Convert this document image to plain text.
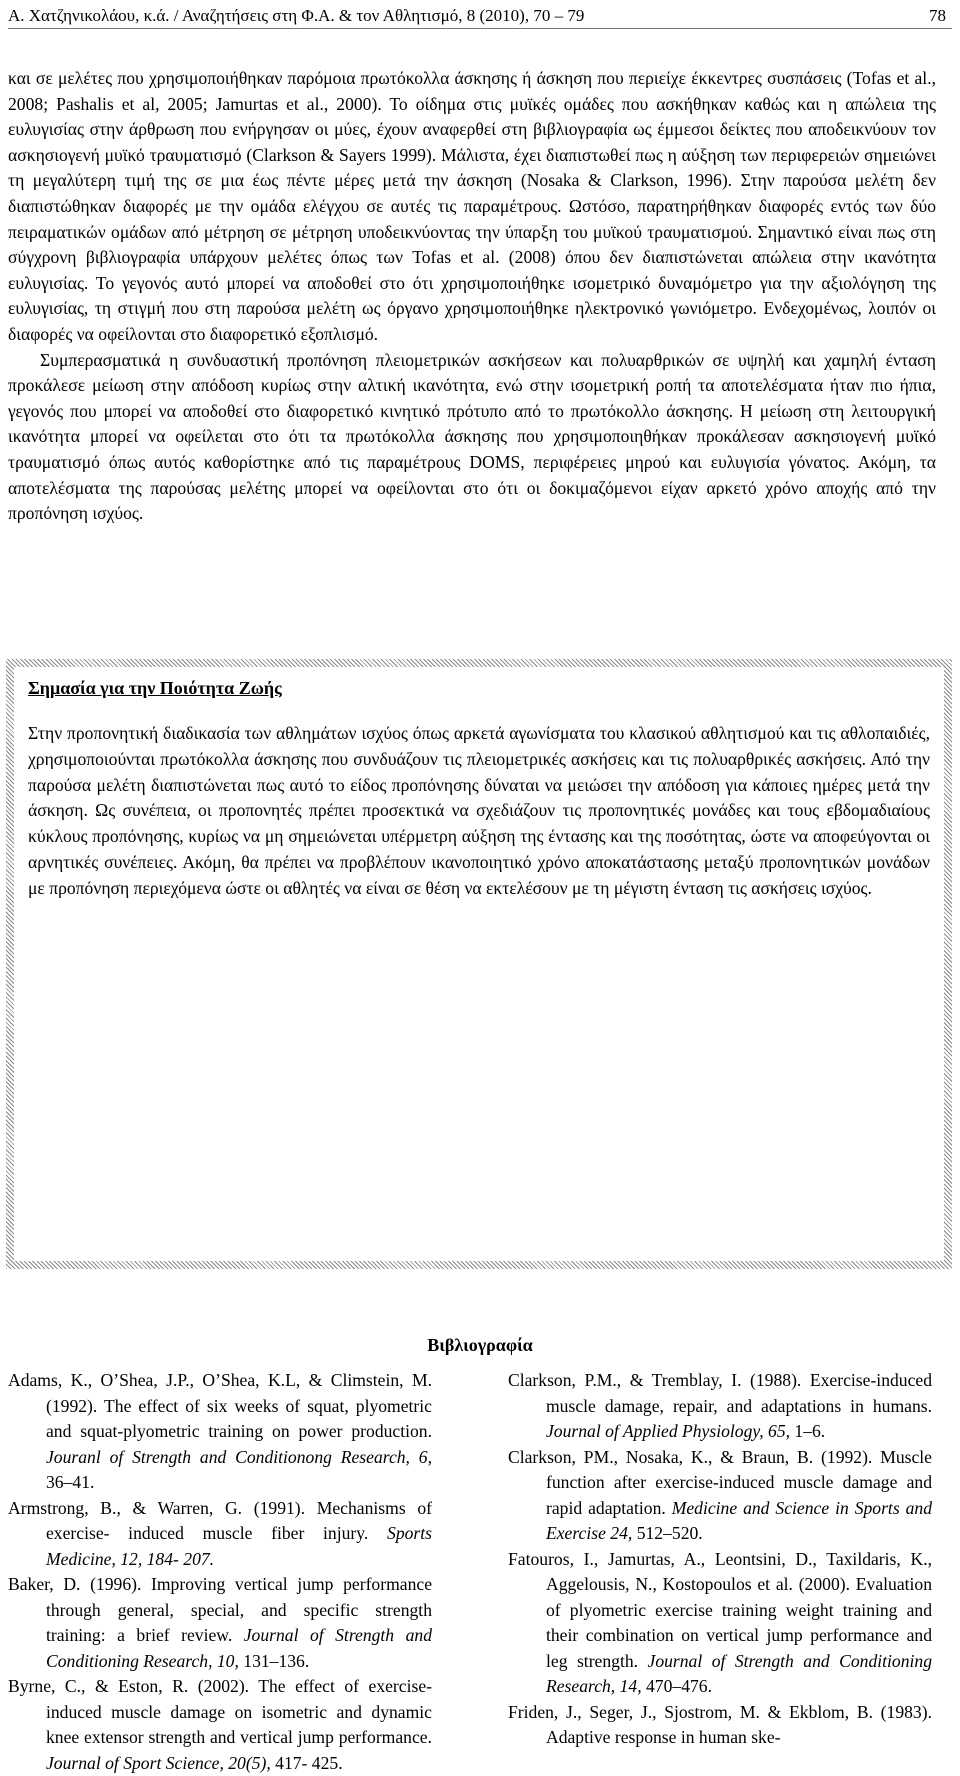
Α. Χατζηνικολάου, κ.ά. / Αναζητήσεις στη Φ.Α. & τον Αθλητισμό, 8 (2010), 70 – 79	78

και σε μελέτες που χρησιμοποιήθηκαν παρόμοια πρωτόκολλα άσκησης ή άσκηση που περιείχε έκκεντρες συσπάσεις (Tofas et al., 2008; Pashalis et al, 2005; Jamurtas et al., 2000). Το οίδημα στις μυϊκές ομάδες που ασκήθηκαν καθώς και η απώλεια της ευλυγισίας στην άρθρωση που ενήργησαν οι μύες, έχουν αναφερθεί στη βιβλιογραφία ως έμμεσοι δείκτες που αποδεικνύουν τον ασκησιογενή μυϊκό τραυματισμό (Clarkson & Sayers 1999). Μάλιστα, έχει διαπιστωθεί πως η αύξηση των περιφερειών σημειώνει τη μεγαλύτερη τιμή της σε μια έως πέντε μέρες μετά την άσκηση (Nosaka & Clarkson, 1996). Στην παρούσα μελέτη δεν διαπιστώθηκαν διαφορές με την ομάδα ελέγχου σε αυτές τις παραμέτρους. Ωστόσο, παρατηρήθηκαν διαφορές εντός των δύο πειραματικών ομάδων από μέτρηση σε μέτρηση υποδεικνύοντας την ύπαρξη του μυϊκού τραυματισμού. Σημαντικό είναι πως στη σύγχρονη βιβλιογραφία υπάρχουν μελέτες όπως των Tofas et al. (2008) όπου δεν διαπιστώνεται απώλεια στην ικανότητα ευλυγισίας. Το γεγονός αυτό μπορεί να αποδοθεί στο ότι χρησιμοποιήθηκε ισομετρικό δυναμόμετρο για την αξιολόγηση της ευλυγισίας, τη στιγμή που στη παρούσα μελέτη ως όργανο χρησιμοποιήθηκε ηλεκτρονικό γωνιόμετρο. Ενδεχομένως, λοιπόν οι διαφορές να οφείλονται στο διαφορετικό εξοπλισμό.

Συμπερασματικά η συνδυαστική προπόνηση πλειομετρικών ασκήσεων και πολυαρθρικών σε υψηλή και χαμηλή ένταση προκάλεσε μείωση στην απόδοση κυρίως στην αλτική ικανότητα, ενώ στην ισομετρική ροπή τα αποτελέσματα ήταν πιο ήπια, γεγονός που μπορεί να αποδοθεί στο διαφορετικό κινητικό πρότυπο από το πρωτόκολλο άσκησης. Η μείωση στη λειτουργική ικανότητα μπορεί να οφείλεται στο ότι τα πρωτόκολλα άσκησης που χρησιμοποιηθήκαν προκάλεσαν ασκησιογενή μυϊκό τραυματισμό όπως αυτός καθορίστηκε από τις παραμέτρους DOMS, περιφέρειες μηρού και ευλυγισία γόνατος. Ακόμη, τα αποτελέσματα της παρούσας μελέτης μπορεί να οφείλονται στο ότι οι δοκιμαζόμενοι είχαν αρκετό χρόνο αποχής από την προπόνηση ισχύος.

Σημασία για την Ποιότητα Ζωής

Στην προπονητική διαδικασία των αθλημάτων ισχύος όπως αρκετά αγωνίσματα του κλασικού αθλητισμού και τις αθλοπαιδιές, χρησιμοποιούνται πρωτόκολλα άσκησης που συνδυάζουν τις πλειομετρικές ασκήσεις και τις πολυαρθρικές ασκήσεις. Από την παρούσα μελέτη διαπιστώνεται πως αυτό το είδος προπόνησης δύναται να μειώσει την απόδοση για κάποιες ημέρες μετά την άσκηση. Ως συνέπεια, οι προπονητές πρέπει προσεκτικά να σχεδιάζουν τις προπονητικές μονάδες και τους εβδομαδιαίους κύκλους προπόνησης, κυρίως να μη σημειώνεται υπέρμετρη αύξηση της έντασης και της ποσότητας, ώστε να αποφεύγονται οι αρνητικές συνέπειες. Ακόμη, θα πρέπει να προβλέπουν ικανοποιητικό χρόνο αποκατάστασης μεταξύ προπονητικών μονάδων με προπόνηση περιεχόμενα ώστε οι αθλητές να είναι σε θέση να εκτελέσουν με τη μέγιστη ένταση τις ασκήσεις ισχύος.

Βιβλιογραφία

Adams, K., O’Shea, J.P., O’Shea, K.L, & Climstein, M. (1992). The effect of six weeks of squat, plyometric and squat-plyometric training on power production. Jouranl of Strength and Conditionong Research, 6, 36–41.

Armstrong, B., & Warren, G. (1991). Mechanisms of exercise- induced muscle fiber injury. Sports Medicine, 12, 184- 207.

Baker, D. (1996). Improving vertical jump performance through general, special, and specific strength training: a brief review. Journal of Strength and Conditioning Research, 10, 131–136.

Byrne, C., & Eston, R. (2002). The effect of exercise- induced muscle damage on isometric and dynamic knee extensor strength and vertical jump performance. Journal of Sport Science, 20(5), 417- 425.

Clarkson, P.M., & Tremblay, I. (1988). Exercise-induced muscle damage, repair, and adaptations in humans. Journal of Applied Physiology, 65, 1–6.

Clarkson, PM., Nosaka, K., & Braun, B. (1992). Muscle function after exercise-induced muscle damage and rapid adaptation. Medicine and Science in Sports and Exercise 24, 512–520.

Fatouros, I., Jamurtas, A., Leontsini, D., Taxildaris, K., Aggelousis, N., Kostopoulos et al. (2000). Evaluation of plyometric exercise training weight training and their combination on vertical jump performance and leg strength. Journal of Strength and Conditioning Research, 14, 470–476.

Friden, J., Seger, J., Sjostrom, M. & Ekblom, B. (1983). Adaptive response in human ske-
